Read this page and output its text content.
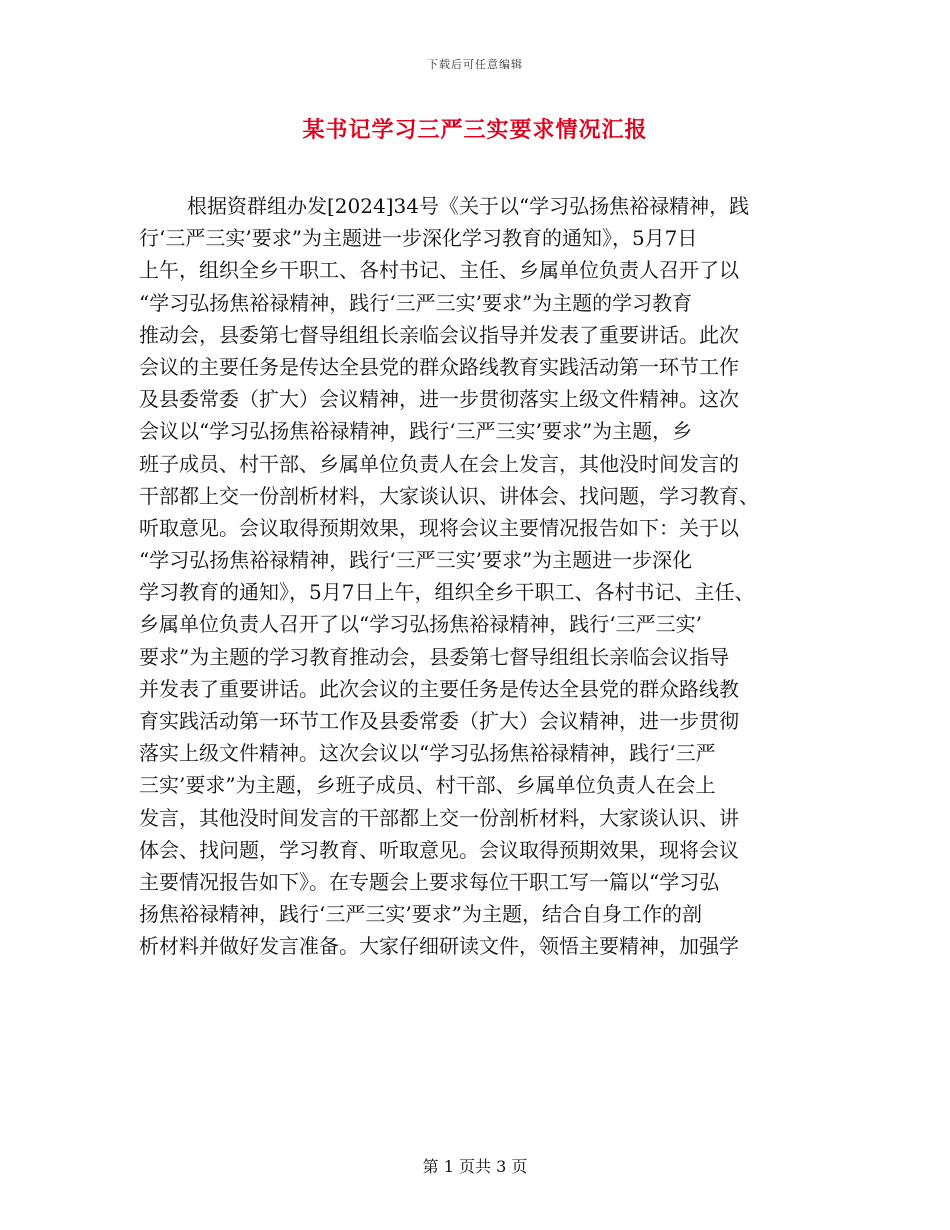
下载后可任意编辑
某书记学习三严三实要求情况汇报
根据资群组办发[2024]34号《关于以“学习弘扬焦裕禄精神，践
行‘三严三实’要求”为主题进一步深化学习教育的通知》，5月7日
上午，组织全乡干职工、各村书记、主任、乡属单位负责人召开了以
“学习弘扬焦裕禄精神，践行‘三严三实’要求”为主题的学习教育
推动会，县委第七督导组组长亲临会议指导并发表了重要讲话。此次
会议的主要任务是传达全县党的群众路线教育实践活动第一环节工作
及县委常委（扩大）会议精神，进一步贯彻落实上级文件精神。这次
会议以“学习弘扬焦裕禄精神，践行‘三严三实’要求”为主题，乡
班子成员、村干部、乡属单位负责人在会上发言，其他没时间发言的
干部都上交一份剖析材料，大家谈认识、讲体会、找问题，学习教育、
听取意见。会议取得预期效果，现将会议主要情况报告如下：关于以
“学习弘扬焦裕禄精神，践行‘三严三实’要求”为主题进一步深化
学习教育的通知》，5月7日上午，组织全乡干职工、各村书记、主任、
乡属单位负责人召开了以“学习弘扬焦裕禄精神，践行‘三严三实’
要求”为主题的学习教育推动会，县委第七督导组组长亲临会议指导
并发表了重要讲话。此次会议的主要任务是传达全县党的群众路线教
育实践活动第一环节工作及县委常委（扩大）会议精神，进一步贯彻
落实上级文件精神。这次会议以“学习弘扬焦裕禄精神，践行‘三严
三实’要求”为主题，乡班子成员、村干部、乡属单位负责人在会上
发言，其他没时间发言的干部都上交一份剖析材料，大家谈认识、讲
体会、找问题，学习教育、听取意见。会议取得预期效果，现将会议
主要情况报告如下》。在专题会上要求每位干职工写一篇以“学习弘
扬焦裕禄精神，践行‘三严三实’要求”为主题，结合自身工作的剖
析材料并做好发言准备。大家仔细研读文件，领悟主要精神，加强学
第 1 页共 3 页
